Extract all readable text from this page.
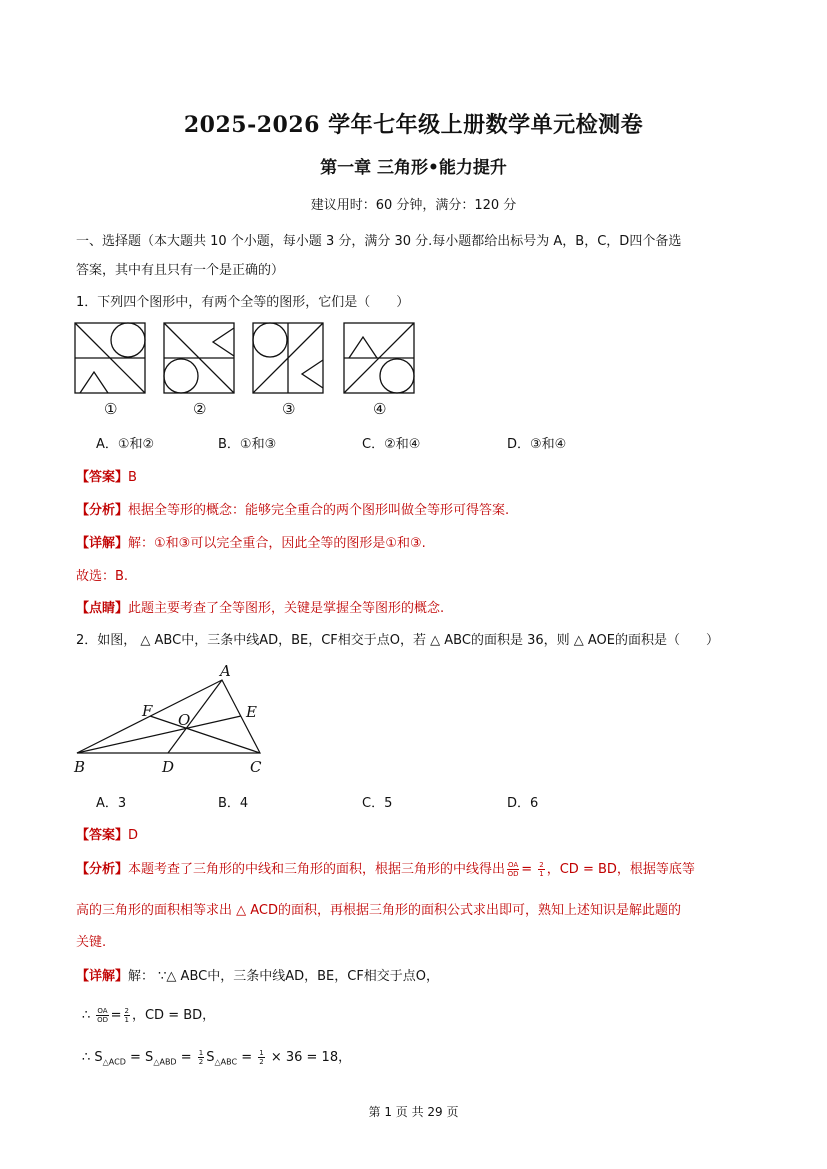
2025-2026 学年七年级上册数学单元检测卷
第一章 三角形•能力提升
建议用时：60 分钟，满分：120 分
一、选择题（本大题共 10 个小题，每小题 3 分，满分 30 分.每小题都给出标号为 A，B，C，D四个备选
答案，其中有且只有一个是正确的）
1．下列四个图形中，有两个全等的图形，它们是（　　）
①	②	③	④
A．①和②	B．①和③	C．②和④	D．③和④
【答案】B
【分析】根据全等形的概念：能够完全重合的两个图形叫做全等形可得答案.
【详解】解：①和③可以完全重合，因此全等的图形是①和③.
故选：B.
【点睛】此题主要考查了全等图形，关键是掌握全等图形的概念.
2．如图， △ ABC中，三条中线AD，BE，CF相交于点O，若 △ ABC的面积是 36，则 △ AOE的面积是（　　）
A
B	C
D
E
F O
A．3	B．4	C．5	D．6
【答案】D
【分析】本题考查了三角形的中线和三角形的面积，根据三角形的中线得出 $\frac{OA}{OD} = \frac{2}{1}$ ，CD = BD，根据等底等
高的三角形的面积相等求出 △ ACD的面积，再根据三角形的面积公式求出即可，熟知上述知识是解此题的
关键.
【详解】解： ∵△ ABC中，三条中线AD，BE，CF相交于点O，
∴ $\frac{OA}{OD} = \frac{2}{1}$ ，CD = BD，
∴ $S_{\triangle ACD} = S_{\triangle ABD} = \frac{1}{2} S_{\triangle ABC} = \frac{1}{2} \times 36 = 18$，
第 1 页 共 29 页
